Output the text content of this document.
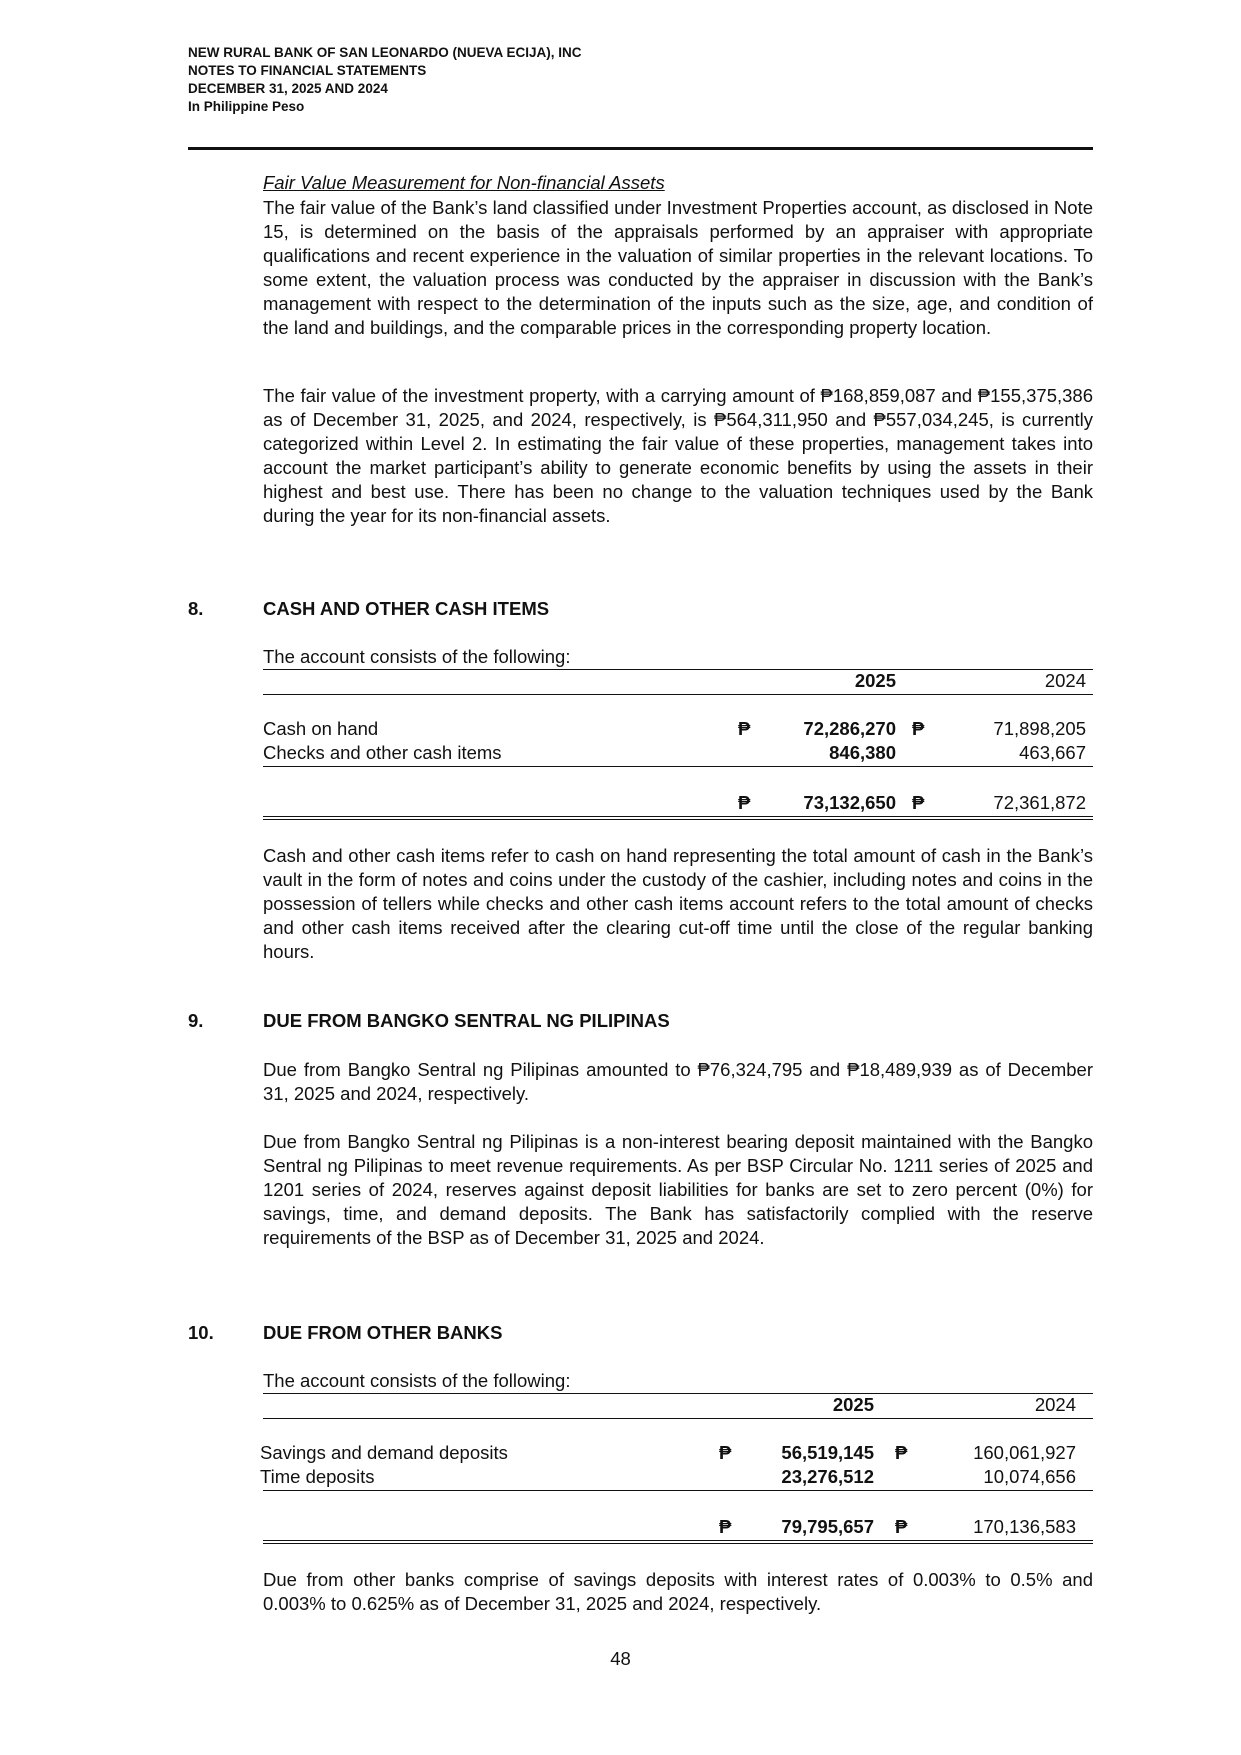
NEW RURAL BANK OF SAN LEONARDO (NUEVA ECIJA), INC
NOTES TO FINANCIAL STATEMENTS
DECEMBER 31, 2025 AND 2024
In Philippine Peso
Fair Value Measurement for Non-financial Assets

The fair value of the Bank’s land classified under Investment Properties account, as disclosed in Note 15, is determined on the basis of the appraisals performed by an appraiser with appropriate qualifications and recent experience in the valuation of similar properties in the relevant locations. To some extent, the valuation process was conducted by the appraiser in discussion with the Bank’s management with respect to the determination of the inputs such as the size, age, and condition of the land and buildings, and the comparable prices in the corresponding property location.

The fair value of the investment property, with a carrying amount of ₱168,859,087 and ₱155,375,386 as of December 31, 2025, and 2024, respectively, is ₱564,311,950 and ₱557,034,245, is currently categorized within Level 2. In estimating the fair value of these properties, management takes into account the market participant’s ability to generate economic benefits by using the assets in their highest and best use. There has been no change to the valuation techniques used by the Bank during the year for its non-financial assets.

8.	CASH AND OTHER CASH ITEMS
The account consists of the following:
2025	2024
Cash on hand	₱	72,286,270 ₱	71,898,205
Checks and other cash items	846,380	463,667
₱	73,132,650 ₱	72,361,872

Cash and other cash items refer to cash on hand representing the total amount of cash in the Bank’s vault in the form of notes and coins under the custody of the cashier, including notes and coins in the possession of tellers while checks and other cash items account refers to the total amount of checks and other cash items received after the clearing cut-off time until the close of the regular banking hours.

9.	DUE FROM BANGKO SENTRAL NG PILIPINAS

Due from Bangko Sentral ng Pilipinas amounted to ₱76,324,795 and ₱18,489,939 as of December 31, 2025 and 2024, respectively.

Due from Bangko Sentral ng Pilipinas is a non-interest bearing deposit maintained with the Bangko Sentral ng Pilipinas to meet revenue requirements. As per BSP Circular No. 1211 series of 2025 and 1201 series of 2024, reserves against deposit liabilities for banks are set to zero percent (0%) for savings, time, and demand deposits. The Bank has satisfactorily complied with the reserve requirements of the BSP as of December 31, 2025 and 2024.

10.	DUE FROM OTHER BANKS
The account consists of the following:
2025	2024
Savings and demand deposits	₱	56,519,145 ₱	160,061,927
Time deposits	23,276,512	10,074,656
₱	79,795,657 ₱	170,136,583

Due from other banks comprise of savings deposits with interest rates of 0.003% to 0.5% and 0.003% to 0.625% as of December 31, 2025 and 2024, respectively.

48
